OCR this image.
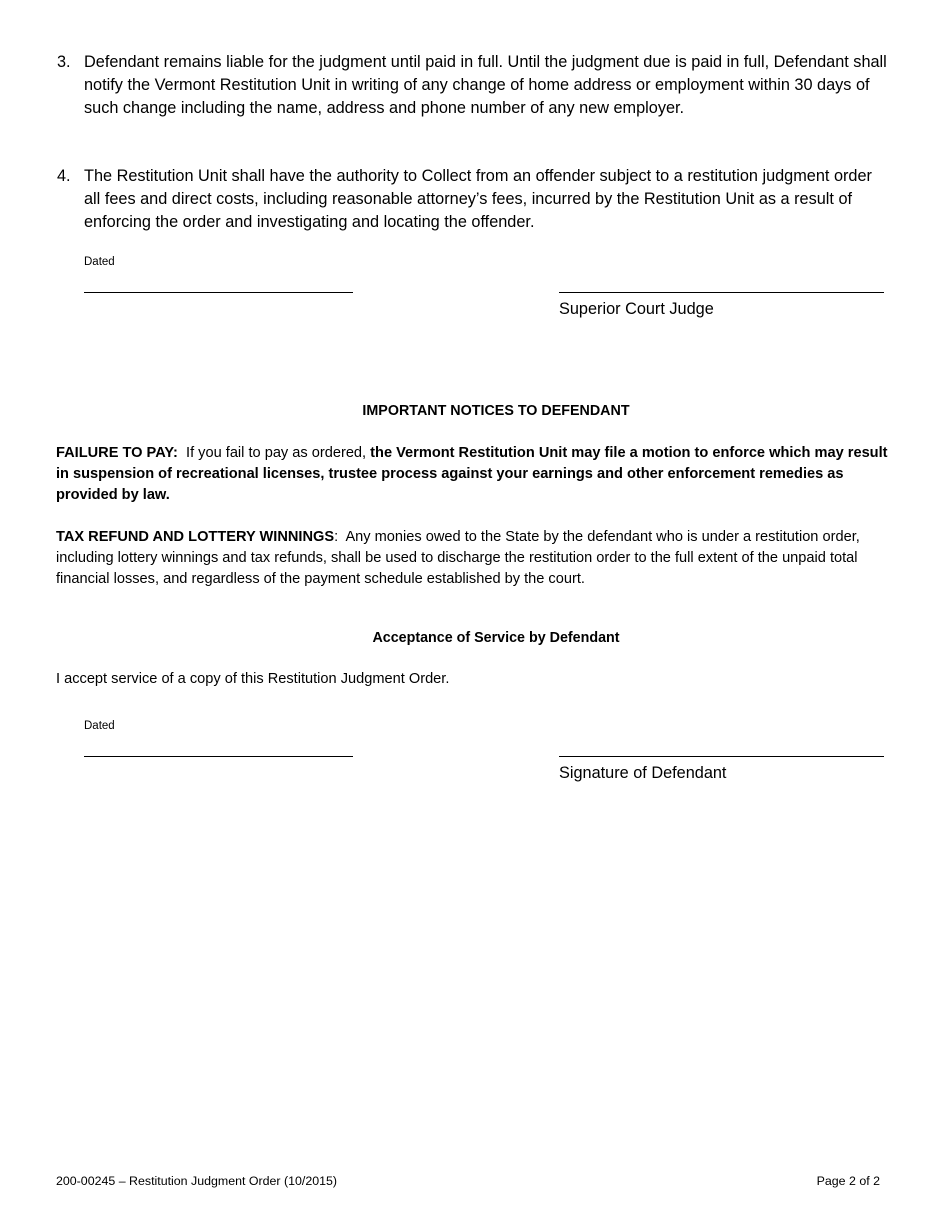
3. Defendant remains liable for the judgment until paid in full. Until the judgment due is paid in full, Defendant shall notify the Vermont Restitution Unit in writing of any change of home address or employment within 30 days of such change including the name, address and phone number of any new employer.
4. The Restitution Unit shall have the authority to Collect from an offender subject to a restitution judgment order all fees and direct costs, including reasonable attorney’s fees, incurred by the Restitution Unit as a result of enforcing the order and investigating and locating the offender.
Dated
Superior Court Judge
IMPORTANT NOTICES TO DEFENDANT
FAILURE TO PAY: If you fail to pay as ordered, the Vermont Restitution Unit may file a motion to enforce which may result in suspension of recreational licenses, trustee process against your earnings and other enforcement remedies as provided by law.
TAX REFUND AND LOTTERY WINNINGS:  Any monies owed to the State by the defendant who is under a restitution order, including lottery winnings and tax refunds, shall be used to discharge the restitution order to the full extent of the unpaid total financial losses, and regardless of the payment schedule established by the court.
Acceptance of Service by Defendant
I accept service of a copy of this Restitution Judgment Order.
Dated
Signature of Defendant
200-00245 – Restitution Judgment Order (10/2015)	Page 2 of 2
